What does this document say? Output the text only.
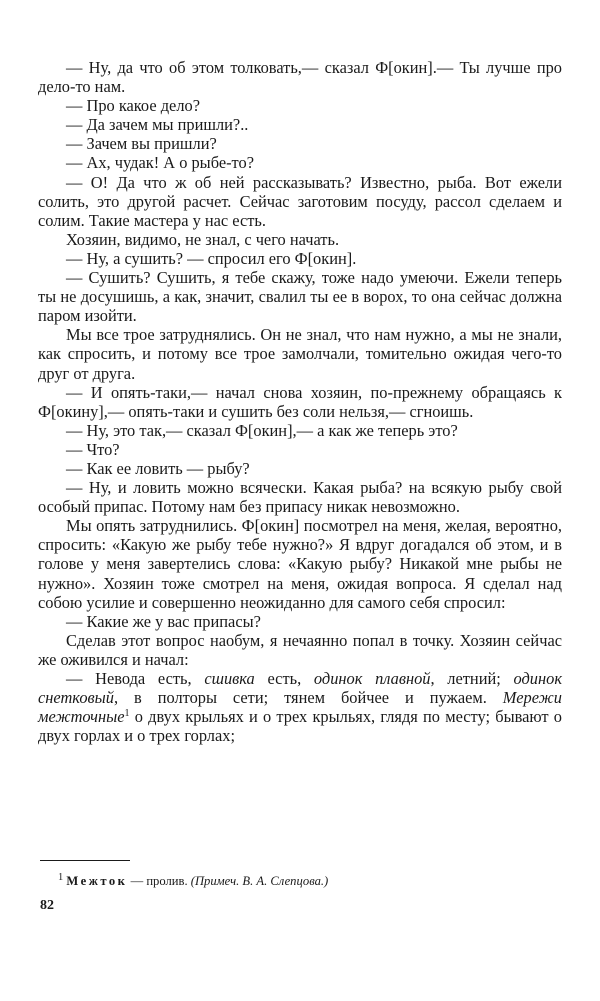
— Ну, да что об этом толковать,— сказал Ф[окин].— Ты лучше про дело-то нам.

— Про какое дело?

— Да зачем мы пришли?..

— Зачем вы пришли?

— Ах, чудак! А о рыбе-то?

— О! Да что ж об ней рассказывать? Известно, рыба. Вот ежели солить, это другой расчет. Сейчас заготовим посуду, рассол сделаем и солим. Такие мастера у нас есть.

Хозяин, видимо, не знал, с чего начать.

— Ну, а сушить? — спросил его Ф[окин].

— Сушить? Сушить, я тебе скажу, тоже надо умеючи. Ежели теперь ты не досушишь, а как, значит, свалил ты ее в ворох, то она сейчас должна паром изойти.

Мы все трое затруднялись. Он не знал, что нам нужно, а мы не знали, как спросить, и потому все трое замолчали, томительно ожидая чего-то друг от друга.

— И опять-таки,— начал снова хозяин, по-прежнему обращаясь к Ф[окину],— опять-таки и сушить без соли нельзя,— сгноишь.

— Ну, это так,— сказал Ф[окин],— а как же теперь это?

— Что?

— Как ее ловить — рыбу?

— Ну, и ловить можно всячески. Какая рыба? на всякую рыбу свой особый припас. Потому нам без припасу никак невозможно.

Мы опять затруднились. Ф[окин] посмотрел на меня, желая, вероятно, спросить: «Какую же рыбу тебе нужно?» Я вдруг догадался об этом, и в голове у меня завертелись слова: «Какую рыбу? Никакой мне рыбы не нужно». Хозяин тоже смотрел на меня, ожидая вопроса. Я сделал над собою усилие и совершенно неожиданно для самого себя спросил:

— Какие же у вас припасы?

Сделав этот вопрос наобум, я нечаянно попал в точку. Хозяин сейчас же оживился и начал:

— Невода есть, сшивка есть, одинок плавной, летний; одинок снетковый, в полторы сети; тянем бойчее и пужаем. Мережи межточные$^1$ о двух крыльях и о трех крыльях, глядя по месту; бывают о двух горлах и о трех горлах;

$^1$ Межток — пролив. (Примеч. В. А. Слепцова.)
82
